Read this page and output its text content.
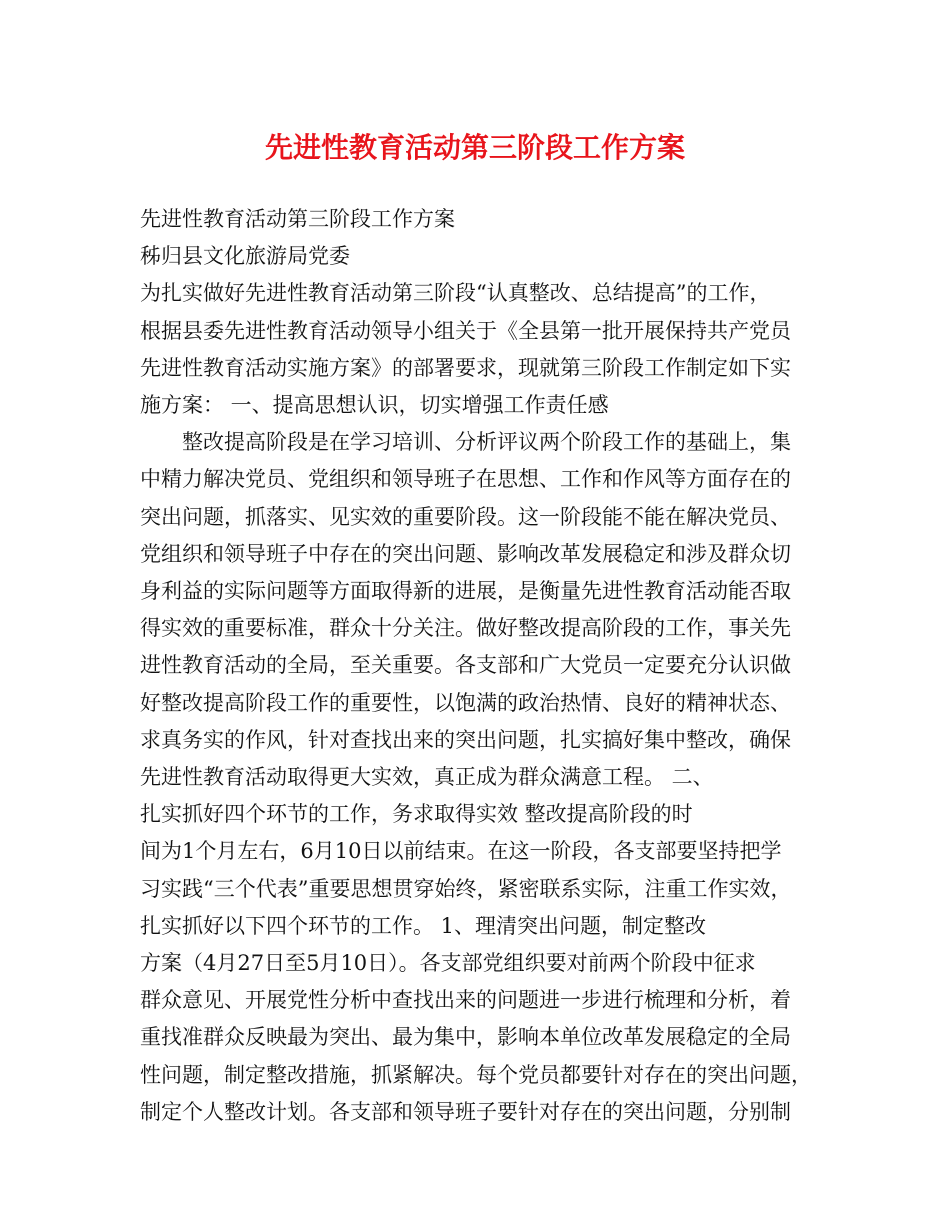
先进性教育活动第三阶段工作方案

先进性教育活动第三阶段工作方案

秭归县文化旅游局党委

为扎实做好先进性教育活动第三阶段“认真整改、总结提高”的工作，

根据县委先进性教育活动领导小组关于《全县第一批开展保持共产党员

先进性教育活动实施方案》的部署要求，现就第三阶段工作制定如下实

施方案： 一、提高思想认识，切实增强工作责任感

整改提高阶段是在学习培训、分析评议两个阶段工作的基础上，集

中精力解决党员、党组织和领导班子在思想、工作和作风等方面存在的

突出问题，抓落实、见实效的重要阶段。这一阶段能不能在解决党员、

党组织和领导班子中存在的突出问题、影响改革发展稳定和涉及群众切

身利益的实际问题等方面取得新的进展，是衡量先进性教育活动能否取

得实效的重要标准，群众十分关注。做好整改提高阶段的工作，事关先

进性教育活动的全局，至关重要。各支部和广大党员一定要充分认识做

好整改提高阶段工作的重要性，以饱满的政治热情、良好的精神状态、

求真务实的作风，针对查找出来的突出问题，扎实搞好集中整改，确保

先进性教育活动取得更大实效，真正成为群众满意工程。 二、

扎实抓好四个环节的工作，务求取得实效 整改提高阶段的时

间为1个月左右，6月10日以前结束。在这一阶段，各支部要坚持把学

习实践“三个代表”重要思想贯穿始终，紧密联系实际，注重工作实效，

扎实抓好以下四个环节的工作。 1、理清突出问题，制定整改

方案（4月27日至5月10日）。各支部党组织要对前两个阶段中征求

群众意见、开展党性分析中查找出来的问题进一步进行梳理和分析，着

重找准群众反映最为突出、最为集中，影响本单位改革发展稳定的全局

性问题，制定整改措施，抓紧解决。每个党员都要针对存在的突出问题，

制定个人整改计划。各支部和领导班子要针对存在的突出问题，分别制
